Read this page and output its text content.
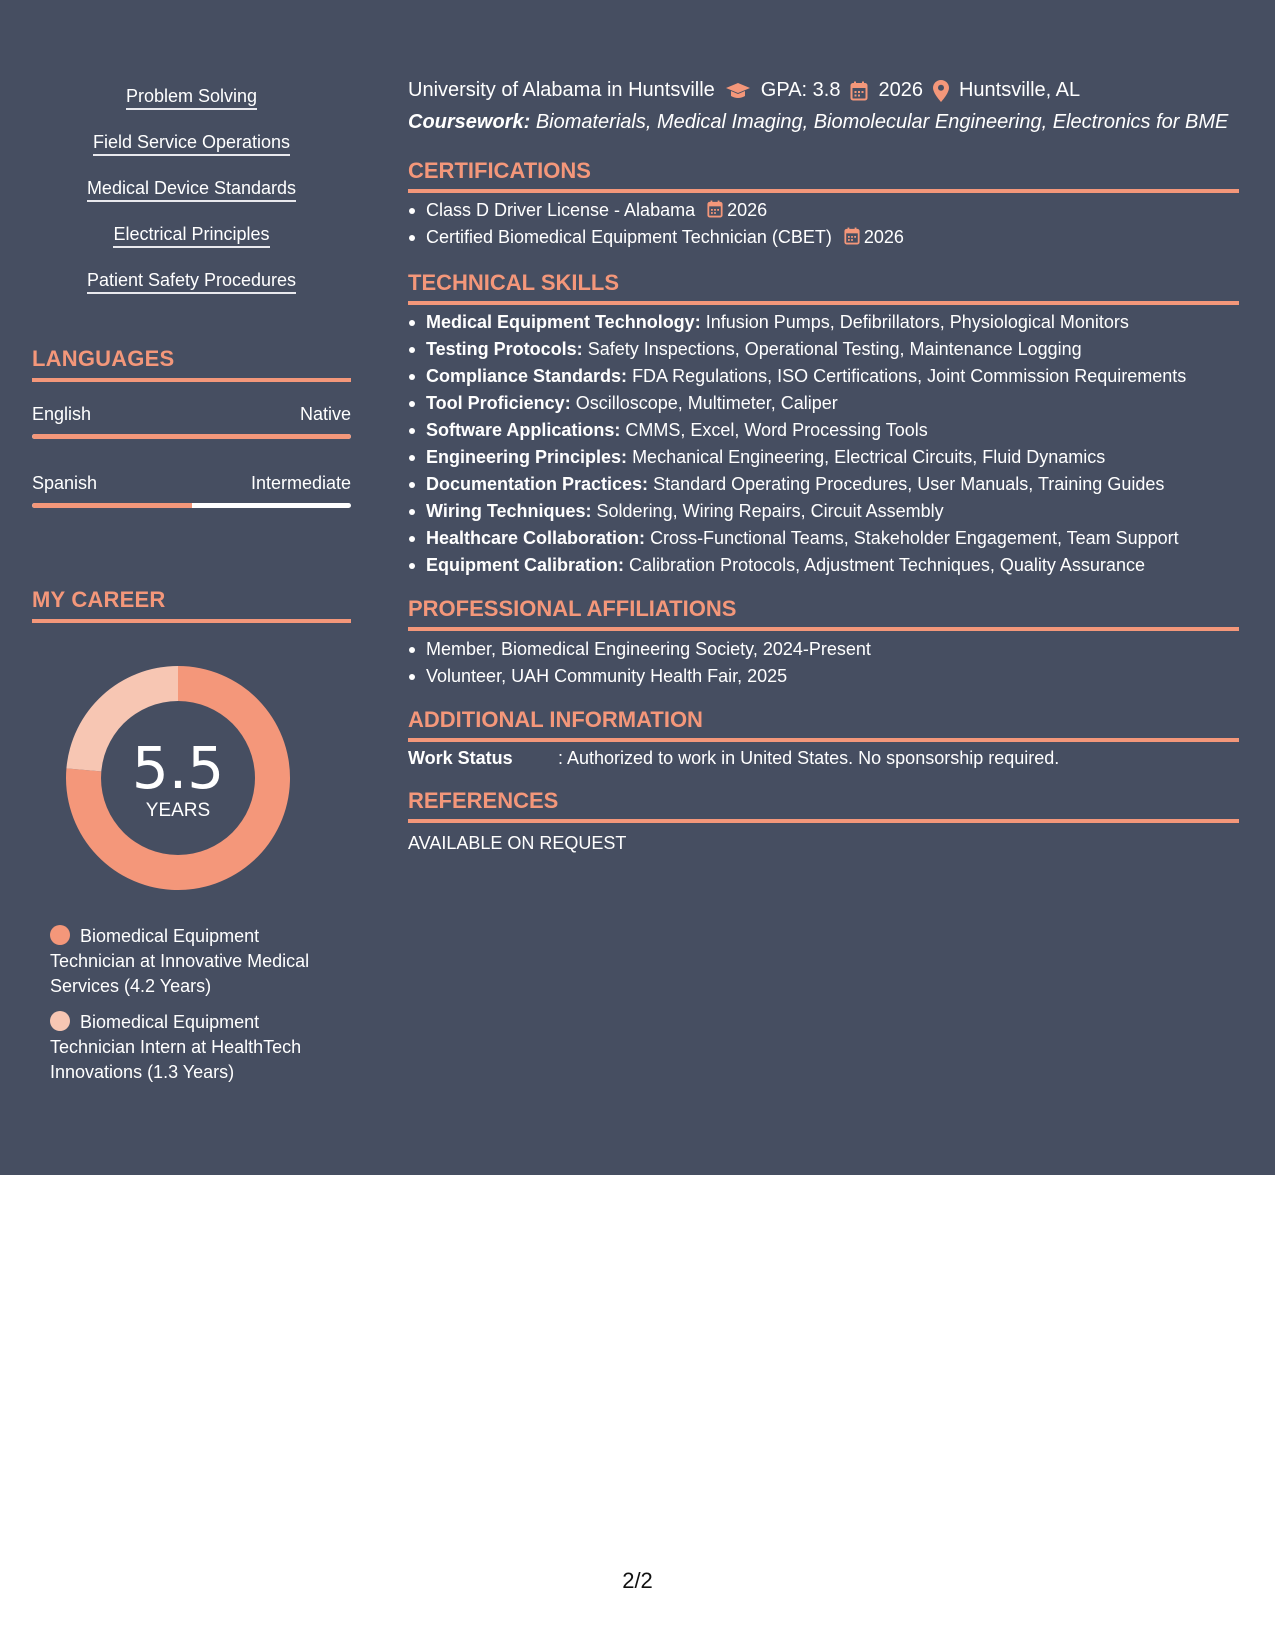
Problem Solving
Field Service Operations
Medical Device Standards
Electrical Principles
Patient Safety Procedures
LANGUAGES
English	Native
Spanish	Intermediate
MY CAREER
5.5
YEARS
Biomedical Equipment Technician at Innovative Medical Services (4.2 Years)
Biomedical Equipment Technician Intern at HealthTech Innovations (1.3 Years)
University of Alabama in Huntsville GPA: 3.8 2026 Huntsville, AL
Coursework: Biomaterials, Medical Imaging, Biomolecular Engineering, Electronics for BME
CERTIFICATIONS
Class D Driver License - Alabama 2026
Certified Biomedical Equipment Technician (CBET) 2026
TECHNICAL SKILLS
Medical Equipment Technology: Infusion Pumps, Defibrillators, Physiological Monitors
Testing Protocols: Safety Inspections, Operational Testing, Maintenance Logging
Compliance Standards: FDA Regulations, ISO Certifications, Joint Commission Requirements
Tool Proficiency: Oscilloscope, Multimeter, Caliper
Software Applications: CMMS, Excel, Word Processing Tools
Engineering Principles: Mechanical Engineering, Electrical Circuits, Fluid Dynamics
Documentation Practices: Standard Operating Procedures, User Manuals, Training Guides
Wiring Techniques: Soldering, Wiring Repairs, Circuit Assembly
Healthcare Collaboration: Cross-Functional Teams, Stakeholder Engagement, Team Support
Equipment Calibration: Calibration Protocols, Adjustment Techniques, Quality Assurance
PROFESSIONAL AFFILIATIONS
Member, Biomedical Engineering Society, 2024-Present
Volunteer, UAH Community Health Fair, 2025
ADDITIONAL INFORMATION
Work Status	: Authorized to work in United States. No sponsorship required.
REFERENCES
AVAILABLE ON REQUEST
2/2
